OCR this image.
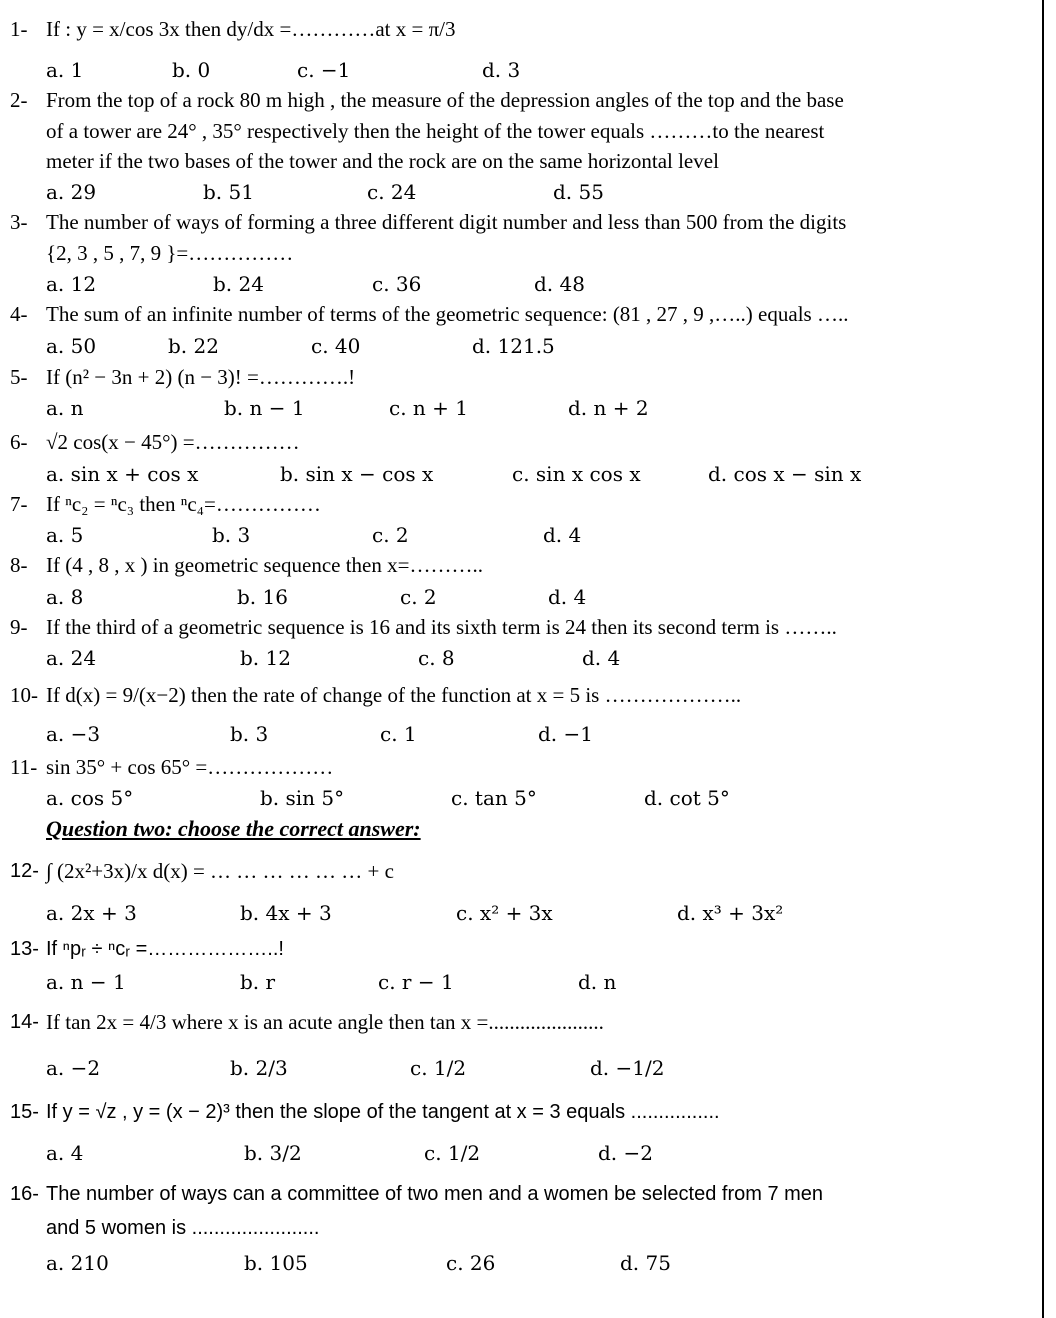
1- If : y = x/cos 3x then dy/dx =…………at x = π/3
a. 1	b. 0	c. −1	d. 3
2- From the top of a rock 80 m high , the measure of the depression angles of the top and the base
of a tower are 24° , 35° respectively then the height of the tower equals ………to the nearest
meter if the two bases of the tower and the rock are on the same horizontal level
a. 29	b. 51	c. 24	d. 55
3- The number of ways of forming a three different digit number and less than 500 from the digits
{2, 3 , 5 , 7, 9 }=……………
a. 12	b. 24	c. 36	d. 48
4- The sum of an infinite number of terms of the geometric sequence: (81 , 27 , 9 ,…..) equals …..
a. 50	b. 22	c. 40	d. 121.5
5- If (n² − 3n + 2) (n − 3)! =………….!
a. n	b. n − 1	c. n + 1	d. n + 2
6- √2 cos(x − 45°) =……………
a. sin x + cos x	b. sin x − cos x	c. sin x cos x	d. cos x − sin x
7- If ⁿc₂ = ⁿc₃ then ⁿc₄=……………
a. 5	b. 3	c. 2	d. 4
8- If (4 , 8 , x ) in geometric sequence then x=………..
a. 8	b. 16	c. 2	d. 4
9- If the third of a geometric sequence is 16 and its sixth term is 24 then its second term is ……..
a. 24	b. 12	c. 8	d. 4
10- If d(x) = 9/(x−2) then the rate of change of the function at x = 5 is ………………..
a. −3	b. 3	c. 1	d. −1
11- sin 35° + cos 65° =………………
a. cos 5°	b. sin 5°	c. tan 5°	d. cot 5°
Question two: choose the correct answer:
12- ∫ (2x²+3x)/x d(x) = … … … … … … + c
a. 2x + 3	b. 4x + 3	c. x² + 3x	d. x³ + 3x²
13- If ⁿpᵣ ÷ ⁿcᵣ =………………..!
a. n − 1	b. r	c. r − 1	d. n
14- If tan 2x = 4/3 where x is an acute angle then tan x =......................
a. −2	b. 2/3	c. 1/2	d. −1/2
15- If y = √z , y = (x − 2)³ then the slope of the tangent at x = 3 equals ................
a. 4	b. 3/2	c. 1/2	d. −2
16- The number of ways can a committee of two men and a women be selected from 7 men
and 5 women is .......................
a. 210	b. 105	c. 26	d. 75
